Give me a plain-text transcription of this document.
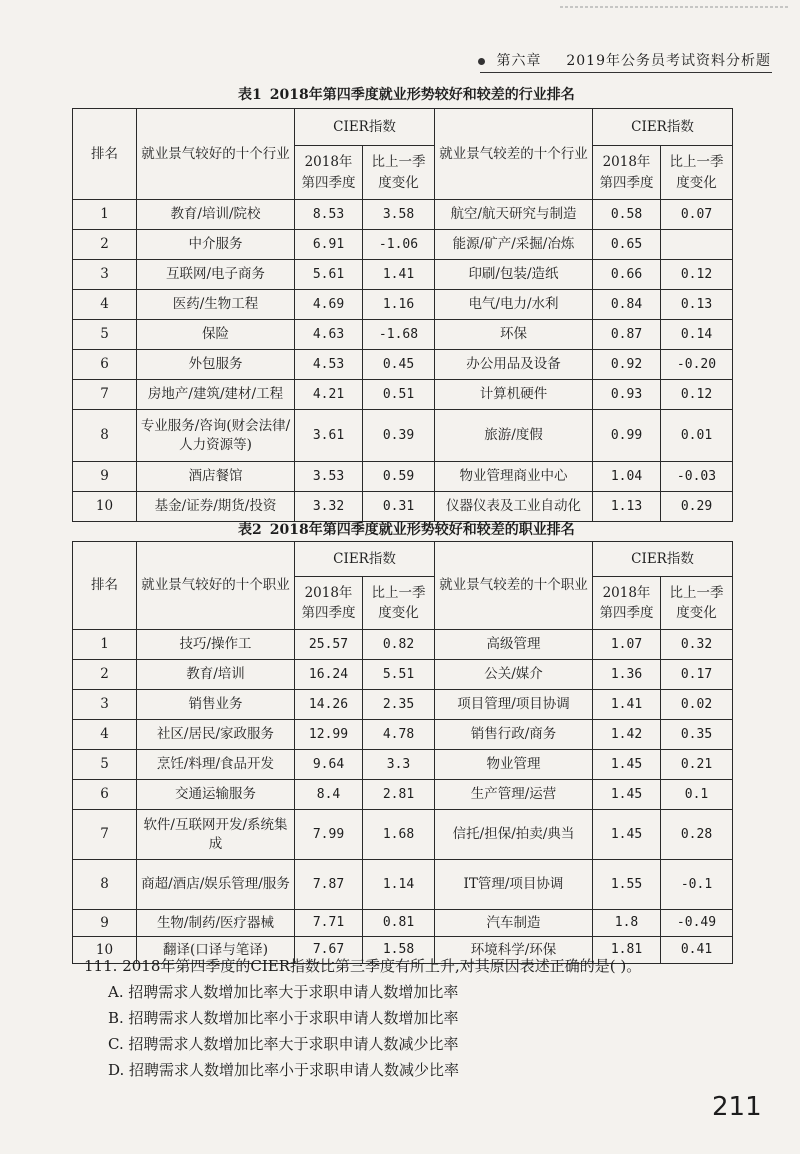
第六章 2019年公务员考试资料分析题
表1 2018年第四季度就业形势较好和较差的行业排名
排名	就业景气较好的十个行业	CIER指数		就业景气较差的十个行业	CIER指数	
		2018年第四季度	比上一季度变化		2018年第四季度	比上一季度变化
1	教育/培训/院校	8.53	3.58	航空/航天研究与制造	0.58	0.07
2	中介服务	6.91	-1.06	能源/矿产/采掘/冶炼	0.65	
3	互联网/电子商务	5.61	1.41	印刷/包装/造纸	0.66	0.12
4	医药/生物工程	4.69	1.16	电气/电力/水利	0.84	0.13
5	保险	4.63	-1.68	环保	0.87	0.14
6	外包服务	4.53	0.45	办公用品及设备	0.92	-0.20
7	房地产/建筑/建材/工程	4.21	0.51	计算机硬件	0.93	0.12
8	专业服务/咨询(财会法律/人力资源等)	3.61	0.39	旅游/度假	0.99	0.01
9	酒店餐馆	3.53	0.59	物业管理商业中心	1.04	-0.03
10	基金/证券/期货/投资	3.32	0.31	仪器仪表及工业自动化	1.13	0.29
表2 2018年第四季度就业形势较好和较差的职业排名
排名	就业景气较好的十个职业	CIER指数		就业景气较差的十个职业	CIER指数	
		2018年第四季度	比上一季度变化		2018年第四季度	比上一季度变化
1	技巧/操作工	25.57	0.82	高级管理	1.07	0.32
2	教育/培训	16.24	5.51	公关/媒介	1.36	0.17
3	销售业务	14.26	2.35	项目管理/项目协调	1.41	0.02
4	社区/居民/家政服务	12.99	4.78	销售行政/商务	1.42	0.35
5	烹饪/料理/食品开发	9.64	3.3	物业管理	1.45	0.21
6	交通运输服务	8.4	2.81	生产管理/运营	1.45	0.1
7	软件/互联网开发/系统集成	7.99	1.68	信托/担保/拍卖/典当	1.45	0.28
8	商超/酒店/娱乐管理/服务	7.87	1.14	IT管理/项目协调	1.55	-0.1
9	生物/制药/医疗器械	7.71	0.81	汽车制造	1.8	-0.49
10	翻译(口译与笔译)	7.67	1.58	环境科学/环保	1.81	0.41
111. 2018年第四季度的CIER指数比第三季度有所上升,对其原因表述正确的是( )。
A. 招聘需求人数增加比率大于求职申请人数增加比率
B. 招聘需求人数增加比率小于求职申请人数增加比率
C. 招聘需求人数增加比率大于求职申请人数减少比率
D. 招聘需求人数增加比率小于求职申请人数减少比率
211
